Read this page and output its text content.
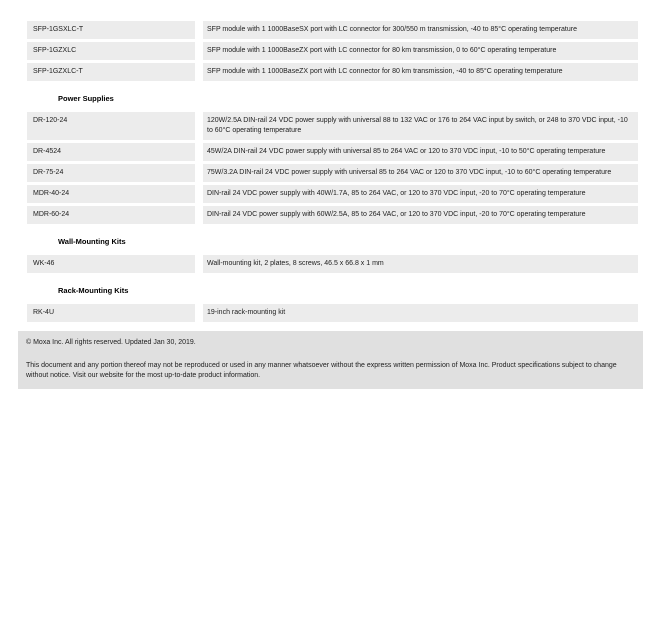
SFP-1GSXLC-T	SFP module with 1 1000BaseSX port with LC connector for 300/550 m transmission, -40 to 85°C operating temperature
SFP-1GZXLC	SFP module with 1 1000BaseZX port with LC connector for 80 km transmission, 0 to 60°C operating temperature
SFP-1GZXLC-T	SFP module with 1 1000BaseZX port with LC connector for 80 km transmission, -40 to 85°C operating temperature
Power Supplies
DR-120-24	120W/2.5A DIN-rail 24 VDC power supply with universal 88 to 132 VAC or 176 to 264 VAC input by switch, or 248 to 370 VDC input, -10 to 60°C operating temperature
DR-4524	45W/2A DIN-rail 24 VDC power supply with universal 85 to 264 VAC or 120 to 370 VDC input, -10 to 50°C operating temperature
DR-75-24	75W/3.2A DIN-rail 24 VDC power supply with universal 85 to 264 VAC or 120 to 370 VDC input, -10 to 60°C operating temperature
MDR-40-24	DIN-rail 24 VDC power supply with 40W/1.7A, 85 to 264 VAC, or 120 to 370 VDC input, -20 to 70°C operating temperature
MDR-60-24	DIN-rail 24 VDC power supply with 60W/2.5A, 85 to 264 VAC, or 120 to 370 VDC input, -20 to 70°C operating temperature
Wall-Mounting Kits
WK-46	Wall-mounting kit, 2 plates, 8 screws, 46.5 x 66.8 x 1 mm
Rack-Mounting Kits
RK-4U	19-inch rack-mounting kit
© Moxa Inc. All rights reserved. Updated Jan 30, 2019.
This document and any portion thereof may not be reproduced or used in any manner whatsoever without the express written permission of Moxa Inc. Product specifications subject to change without notice. Visit our website for the most up-to-date product information.
